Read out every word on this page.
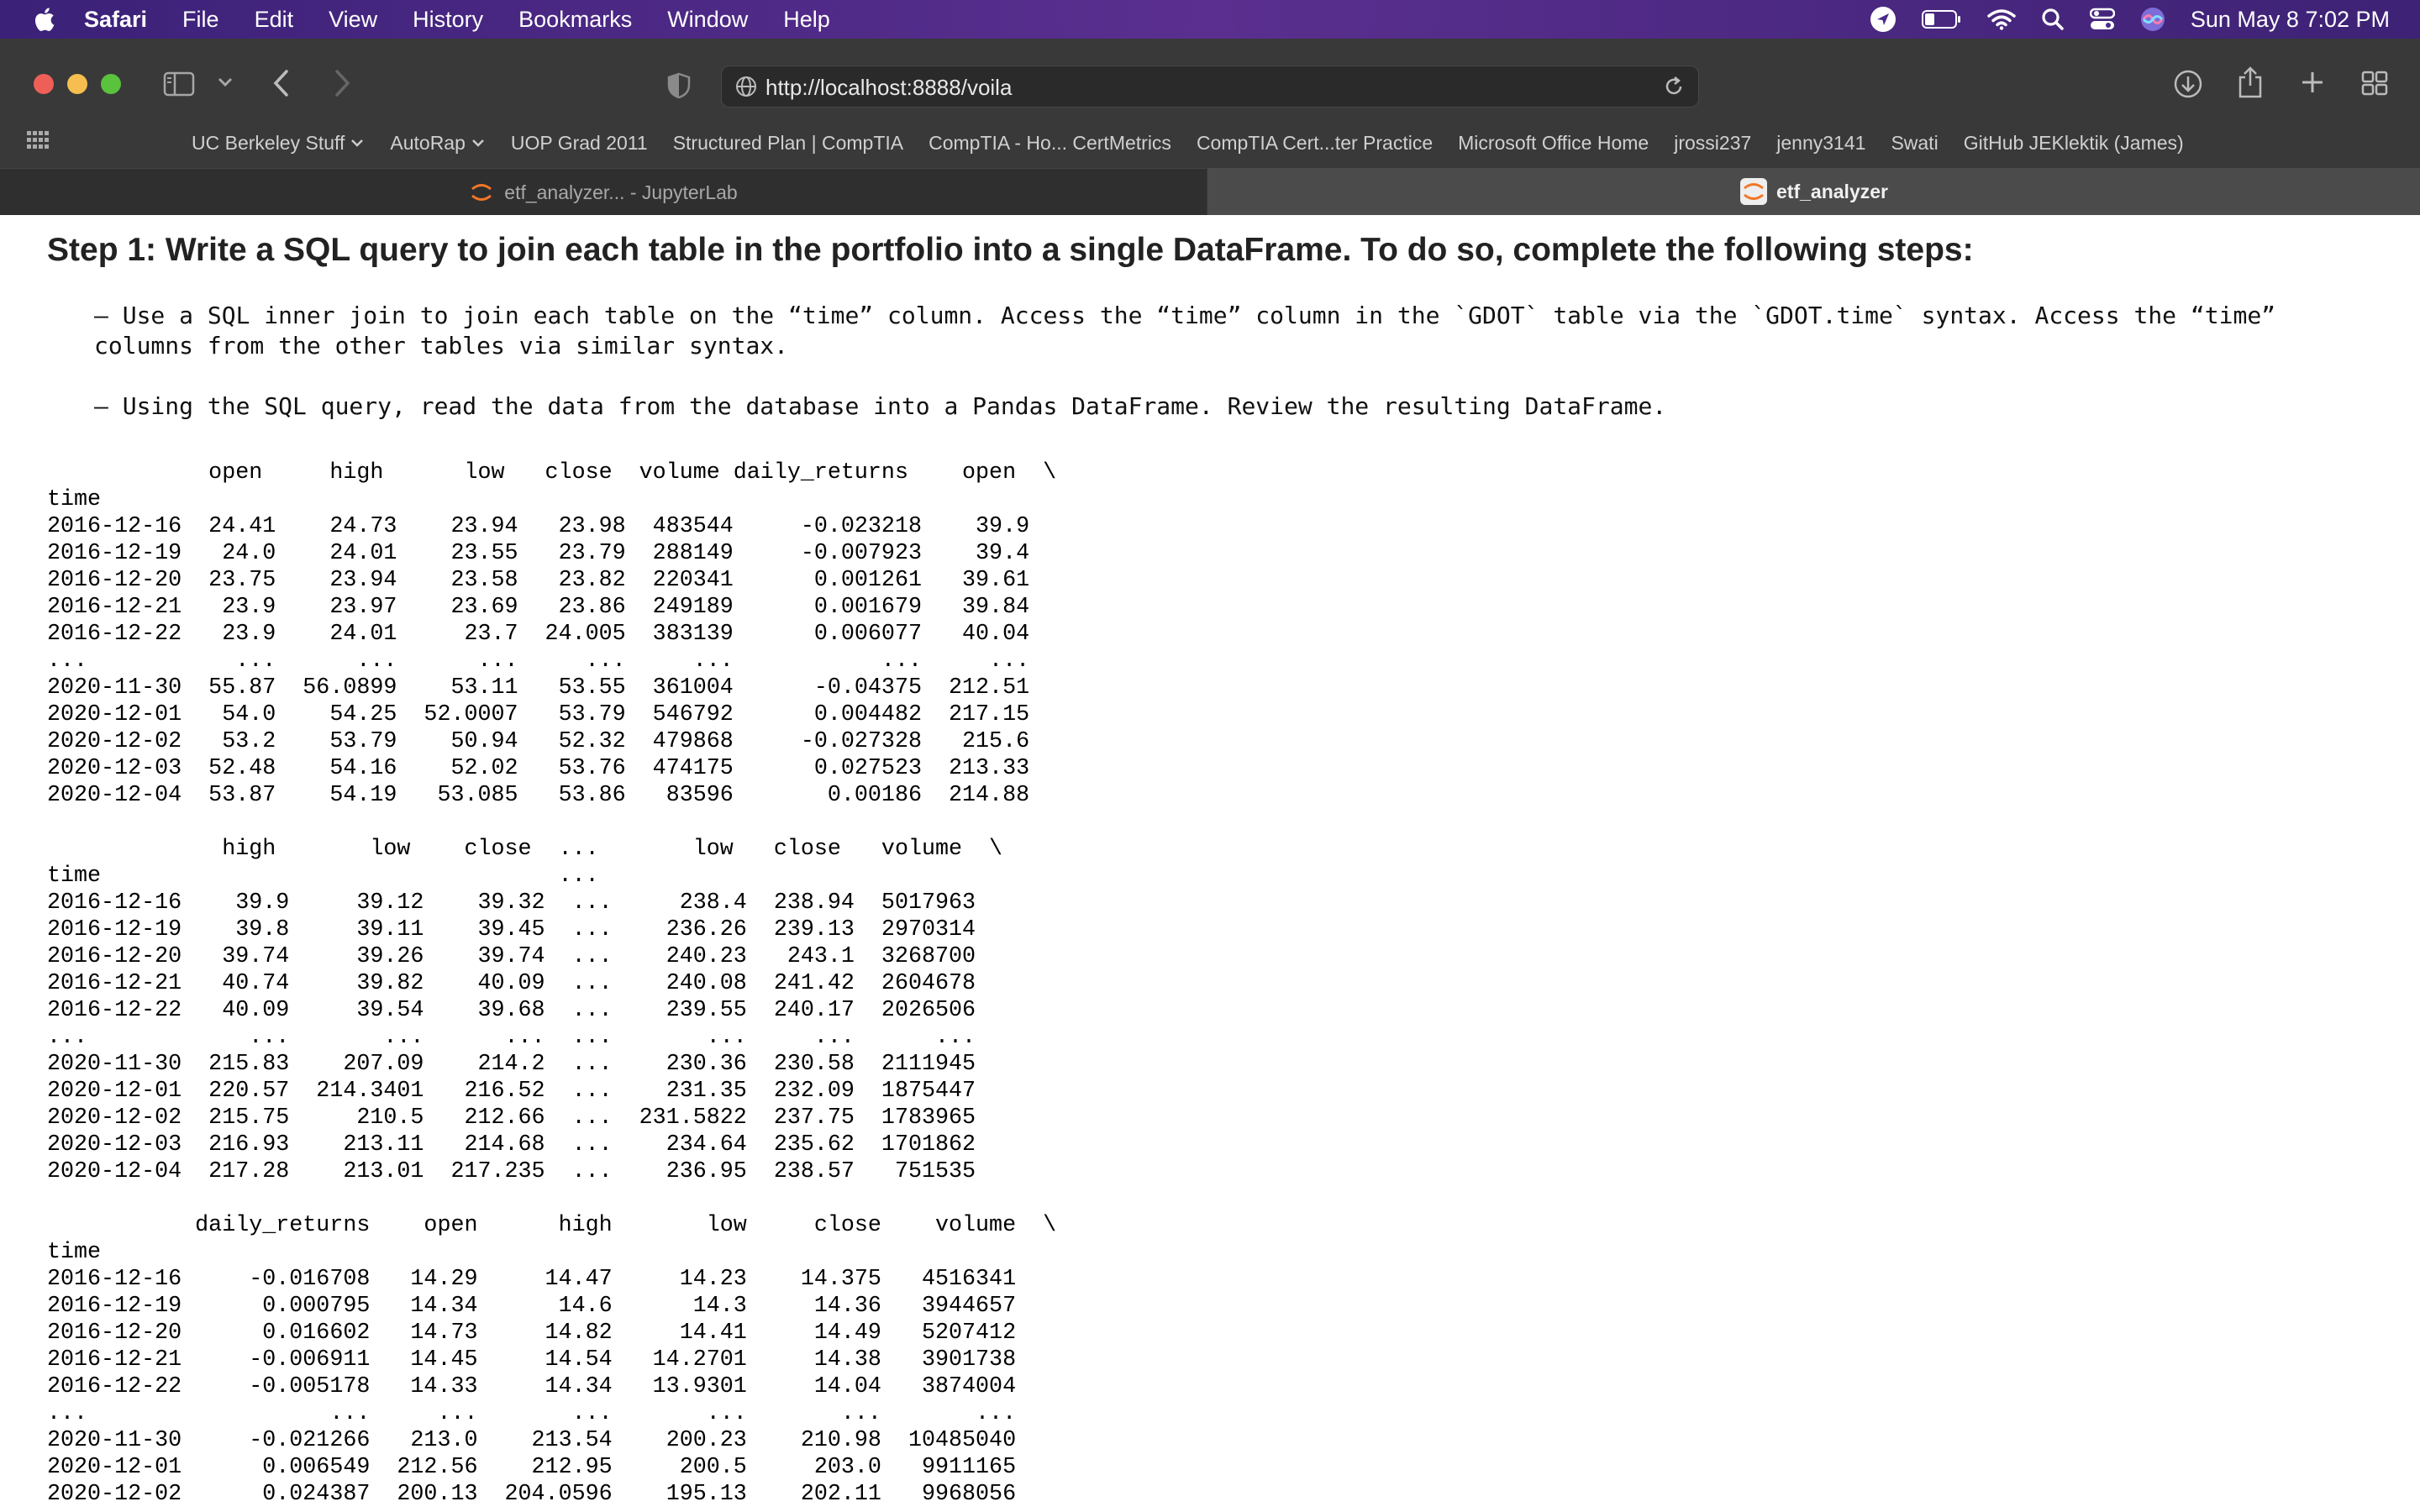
Safari File Edit View History Bookmarks Window Help	Sun May 8 7:02 PM
http://localhost:8888/voila
UC Berkeley Stuff AutoRap UOP Grad 2011 Structured Plan | CompTIA CompTIA - Ho... CertMetrics CompTIA Cert...ter Practice Microsoft Office Home jrossi237 jenny3141 Swati GitHub JEKlektik (James)
etf_analyzer... - JupyterLab	etf_analyzer
Step 1: Write a SQL query to join each table in the portfolio into a single DataFrame. To do so, complete the following steps:

– Use a SQL inner join to join each table on the “time” column. Access the “time” column in the `GDOT` table via the `GDOT.time` syntax. Access the “time” columns from the other tables via similar syntax.

– Using the SQL query, read the data from the database into a Pandas DataFrame. Review the resulting DataFrame.

open     high      low   close  volume daily_returns    open  \
time
2016-12-16  24.41    24.73    23.94   23.98  483544     -0.023218    39.9
2016-12-19   24.0    24.01    23.55   23.79  288149     -0.007923    39.4
2016-12-20  23.75    23.94    23.58   23.82  220341      0.001261   39.61
2016-12-21   23.9    23.97    23.69   23.86  249189      0.001679   39.84
2016-12-22   23.9    24.01     23.7  24.005  383139      0.006077   40.04
...           ...      ...      ...     ...     ...           ...     ...
2020-11-30  55.87  56.0899    53.11   53.55  361004      -0.04375  212.51
2020-12-01   54.0    54.25  52.0007   53.79  546792      0.004482  217.15
2020-12-02   53.2    53.79    50.94   52.32  479868     -0.027328   215.6
2020-12-03  52.48    54.16    52.02   53.76  474175      0.027523  213.33
2020-12-04  53.87    54.19   53.085   53.86   83596       0.00186  214.88
high       low    close  ...       low   close   volume  \
time                                  ...
2016-12-16    39.9     39.12    39.32  ...     238.4  238.94  5017963
2016-12-19    39.8     39.11    39.45  ...    236.26  239.13  2970314
2016-12-20   39.74     39.26    39.74  ...    240.23   243.1  3268700
2016-12-21   40.74     39.82    40.09  ...    240.08  241.42  2604678
2016-12-22   40.09     39.54    39.68  ...    239.55  240.17  2026506
...            ...       ...      ...  ...       ...     ...      ...
2020-11-30  215.83    207.09    214.2  ...    230.36  230.58  2111945
2020-12-01  220.57  214.3401   216.52  ...    231.35  232.09  1875447
2020-12-02  215.75     210.5   212.66  ...  231.5822  237.75  1783965
2020-12-03  216.93    213.11   214.68  ...    234.64  235.62  1701862
2020-12-04  217.28    213.01  217.235  ...    236.95  238.57   751535
daily_returns    open      high       low     close    volume  \
time
2016-12-16     -0.016708   14.29     14.47     14.23    14.375   4516341
2016-12-19      0.000795   14.34      14.6      14.3     14.36   3944657
2016-12-20      0.016602   14.73     14.82     14.41     14.49   5207412
2016-12-21     -0.006911   14.45     14.54   14.2701     14.38   3901738
2016-12-22     -0.005178   14.33     14.34   13.9301     14.04   3874004
...                  ...     ...       ...       ...       ...       ...
2020-11-30     -0.021266   213.0    213.54    200.23    210.98  10485040
2020-12-01      0.006549  212.56    212.95     200.5     203.0   9911165
2020-12-02      0.024387  200.13  204.0596    195.13    202.11   9968056
